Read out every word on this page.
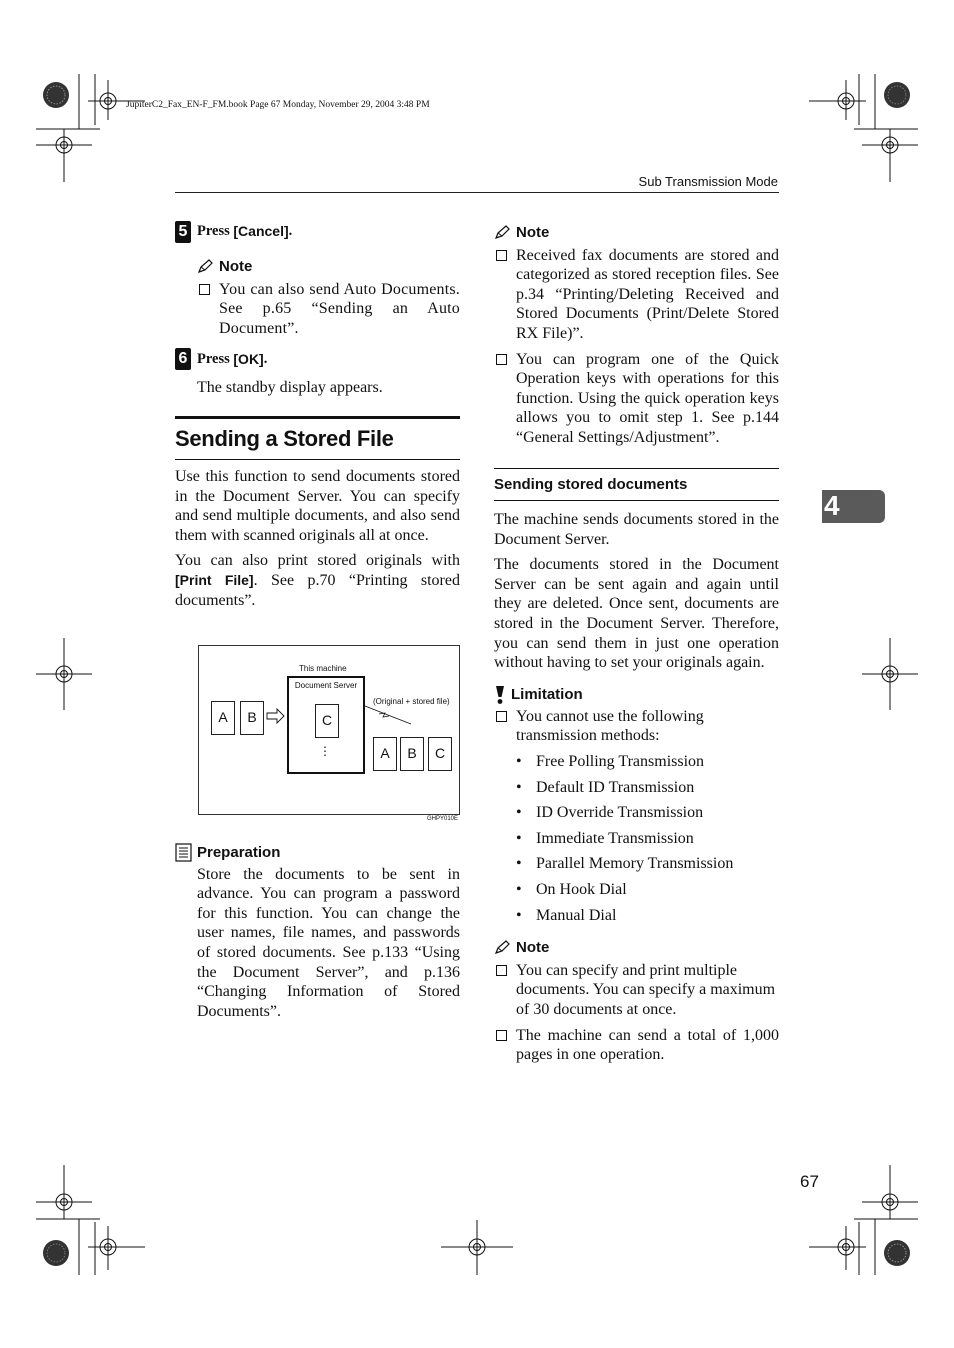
JupiterC2_Fax_EN-F_FM.book Page 67 Monday, November 29, 2004 3:48 PM
Sub Transmission Mode
4
5 Press
[Cancel] .
Note

You can also send Auto Documents. See p.65 “Sending an Auto Document”.

6 Press
[OK] .

The standby display appears.

Sending a Stored File

Use this function to send documents stored in the Document Server. You can specify and send multiple documents, and also send them with scanned originals all at once.

You can also print stored originals with [Print File]. See p.70 “Printing stored documents”.

This machine
Document Server
C
⋮
A	B
(Original + stored file)
A	B	C
GHPY010E
Preparation

Store the documents to be sent in advance. You can program a password for this function. You can change the user names, file names, and passwords of stored documents. See p.133 “Using the Document Server”, and p.136 “Changing Information of Stored Documents”.

Note

Received fax documents are stored and categorized as stored reception files. See p.34 “Printing/Deleting Received and Stored Documents (Print/Delete Stored RX File)”.

You can program one of the Quick Operation keys with operations for this function. Using the quick operation keys allows you to omit step 1. See p.144 “General Settings/Adjustment”.

Sending stored documents

The machine sends documents stored in the Document Server.

The documents stored in the Document Server can be sent again and again until they are deleted. Once sent, documents are stored in the Document Server. Therefore, you can send them in just one operation without having to set your originals again.

Limitation

You cannot use the following transmission methods:

• Free Polling Transmission
• Default ID Transmission
• ID Override Transmission
• Immediate Transmission
• Parallel Memory Transmission
• On Hook Dial
• Manual Dial
Note

You can specify and print multiple documents. You can specify a maximum of 30 documents at once.

The machine can send a total of 1,000 pages in one operation.

67
